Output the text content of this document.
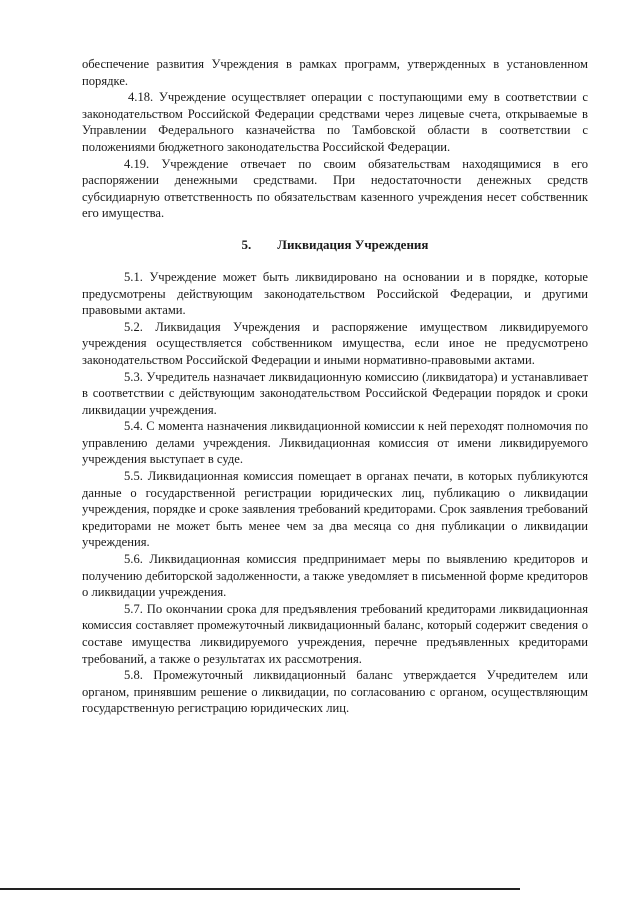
обеспечение развития Учреждения в рамках программ, утвержденных в установленном порядке.

4.18. Учреждение осуществляет операции с поступающими ему в соответствии с законодательством Российской Федерации средствами через лицевые счета, открываемые в Управлении Федерального казначейства по Тамбовской области в соответствии с положениями бюджетного законодательства Российской Федерации.

4.19. Учреждение отвечает по своим обязательствам находящимися в его распоряжении денежными средствами. При недостаточности денежных средств субсидиарную ответственность по обязательствам казенного учреждения несет собственник его имущества.

5. Ликвидация Учреждения

5.1. Учреждение может быть ликвидировано на основании и в порядке, которые предусмотрены действующим законодательством Российской Федерации, и другими правовыми актами.

5.2. Ликвидация Учреждения и распоряжение имуществом ликвидируемого учреждения осуществляется собственником имущества, если иное не предусмотрено законодательством Российской Федерации и иными нормативно-правовыми актами.

5.3. Учредитель назначает ликвидационную комиссию (ликвидатора) и устанавливает в соответствии с действующим законодательством Российской Федерации порядок и сроки ликвидации учреждения.

5.4. С момента назначения ликвидационной комиссии к ней переходят полномочия по управлению делами учреждения. Ликвидационная комиссия от имени ликвидируемого учреждения выступает в суде.

5.5. Ликвидационная комиссия помещает в органах печати, в которых публикуются данные о государственной регистрации юридических лиц, публикацию о ликвидации учреждения, порядке и сроке заявления требований кредиторами. Срок заявления требований кредиторами не может быть менее чем за два месяца со дня публикации о ликвидации учреждения.

5.6. Ликвидационная комиссия предпринимает меры по выявлению кредиторов и получению дебиторской задолженности, а также уведомляет в письменной форме кредиторов о ликвидации учреждения.

5.7. По окончании срока для предъявления требований кредиторами ликвидационная комиссия составляет промежуточный ликвидационный баланс, который содержит сведения о составе имущества ликвидируемого учреждения, перечне предъявленных кредиторами требований, а также о результатах их рассмотрения.

5.8. Промежуточный ликвидационный баланс утверждается Учредителем или органом, принявшим решение о ликвидации, по согласованию с органом, осуществляющим государственную регистрацию юридических лиц.
